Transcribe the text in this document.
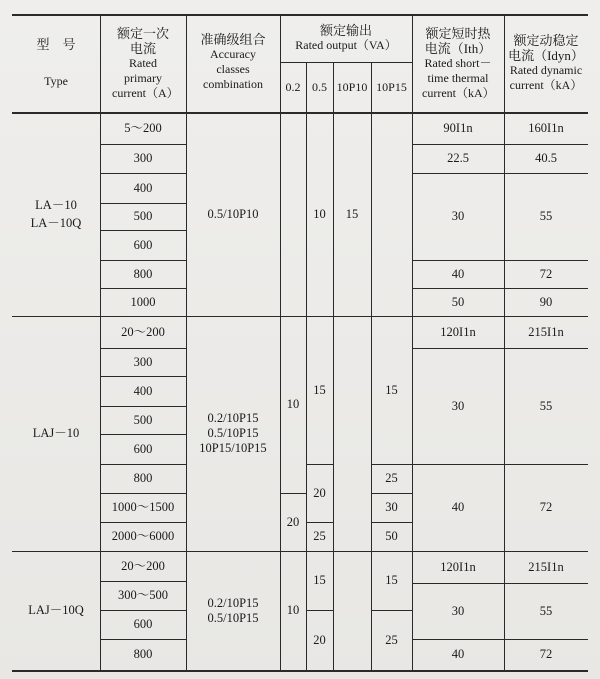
型　号
Type
额定一次电流
Rated primary current（A）
准确级组合
Accuracy classes combination
额定输出
Rated output（VA）
0.2 0.5 10P10 10P15
额定短时热电流（Ith）
Rated short－time thermal current（kA）
额定动稳定电流（Idyn）
Rated dynamic current（kA）
LA－10
LA－10Q
5～200
300
400
500
600
800
1000
0.5/10P10	10	15
90I1n
22.5
30
40
50
160I1n
40.5
55
72
90
LAJ－10
20～200
300
400
500
600
800
1000～1500
2000～6000
0.2/10P15
0.5/10P15
10P15/10P15
10
20
15
20
25
15
25
30
50
120I1n
30
40
215I1n
55
72
LAJ－10Q
20～200
300～500
600
800
0.2/10P15
0.5/10P15
10
15
20
15
25
120I1n
30
40
215I1n
55
72
